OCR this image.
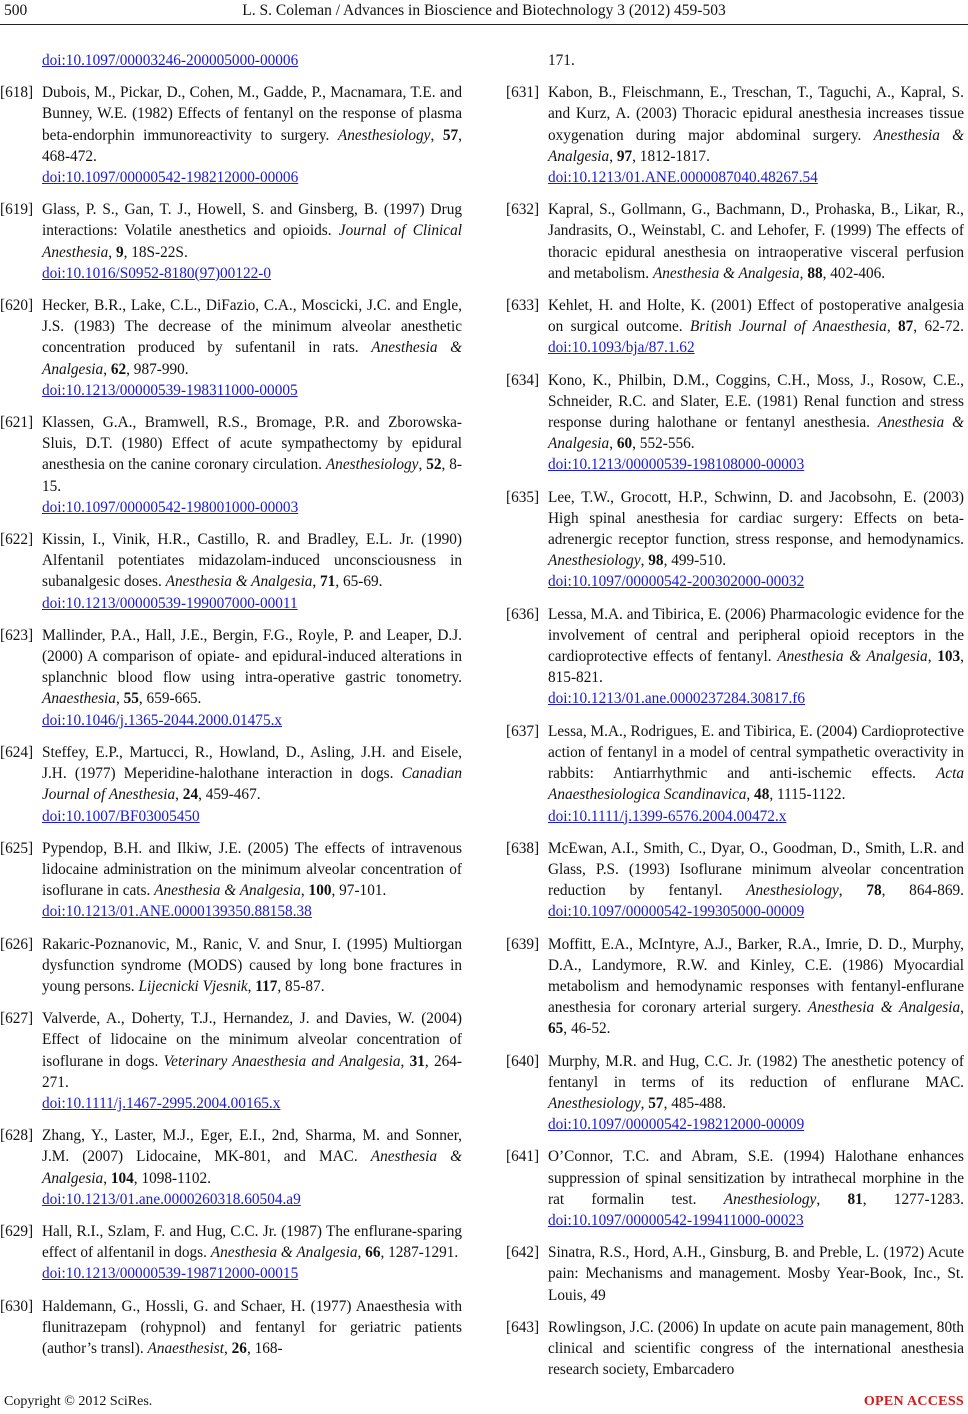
500	L. S. Coleman / Advances in Bioscience and Biotechnology 3 (2012) 459-503
doi:10.1097/00003246-200005000-00006
[618] Dubois, M., Pickar, D., Cohen, M., Gadde, P., Macnamara, T.E. and Bunney, W.E. (1982) Effects of fentanyl on the response of plasma beta-endorphin immunoreactivity to surgery. Anesthesiology, 57, 468-472.
doi:10.1097/00000542-198212000-00006
[619] Glass, P. S., Gan, T. J., Howell, S. and Ginsberg, B. (1997) Drug interactions: Volatile anesthetics and opioids. Journal of Clinical Anesthesia, 9, 18S-22S.
doi:10.1016/S0952-8180(97)00122-0
[620] Hecker, B.R., Lake, C.L., DiFazio, C.A., Moscicki, J.C. and Engle, J.S. (1983) The decrease of the minimum alveolar anesthetic concentration produced by sufentanil in rats. Anesthesia & Analgesia, 62, 987-990.
doi:10.1213/00000539-198311000-00005
[621] Klassen, G.A., Bramwell, R.S., Bromage, P.R. and Zborowska-Sluis, D.T. (1980) Effect of acute sympathectomy by epidural anesthesia on the canine coronary circulation. Anesthesiology, 52, 8-15.
doi:10.1097/00000542-198001000-00003
[622] Kissin, I., Vinik, H.R., Castillo, R. and Bradley, E.L. Jr. (1990) Alfentanil potentiates midazolam-induced unconsciousness in subanalgesic doses. Anesthesia & Analgesia, 71, 65-69.
doi:10.1213/00000539-199007000-00011
[623] Mallinder, P.A., Hall, J.E., Bergin, F.G., Royle, P. and Leaper, D.J. (2000) A comparison of opiate- and epidural-induced alterations in splanchnic blood flow using intra-operative gastric tonometry. Anaesthesia, 55, 659-665.
doi:10.1046/j.1365-2044.2000.01475.x
[624] Steffey, E.P., Martucci, R., Howland, D., Asling, J.H. and Eisele, J.H. (1977) Meperidine-halothane interaction in dogs. Canadian Journal of Anesthesia, 24, 459-467.
doi:10.1007/BF03005450
[625] Pypendop, B.H. and Ilkiw, J.E. (2005) The effects of intravenous lidocaine administration on the minimum alveolar concentration of isoflurane in cats. Anesthesia & Analgesia, 100, 97-101.
doi:10.1213/01.ANE.0000139350.88158.38
[626] Rakaric-Poznanovic, M., Ranic, V. and Snur, I. (1995) Multiorgan dysfunction syndrome (MODS) caused by long bone fractures in young persons. Lijecnicki Vjesnik, 117, 85-87.
[627] Valverde, A., Doherty, T.J., Hernandez, J. and Davies, W. (2004) Effect of lidocaine on the minimum alveolar concentration of isoflurane in dogs. Veterinary Anaesthesia and Analgesia, 31, 264-271.
doi:10.1111/j.1467-2995.2004.00165.x
[628] Zhang, Y., Laster, M.J., Eger, E.I., 2nd, Sharma, M. and Sonner, J.M. (2007) Lidocaine, MK-801, and MAC. Anesthesia & Analgesia, 104, 1098-1102.
doi:10.1213/01.ane.0000260318.60504.a9
[629] Hall, R.I., Szlam, F. and Hug, C.C. Jr. (1987) The enflurane-sparing effect of alfentanil in dogs. Anesthesia & Analgesia, 66, 1287-1291.
doi:10.1213/00000539-198712000-00015
[630] Haldemann, G., Hossli, G. and Schaer, H. (1977) Anaesthesia with flunitrazepam (rohypnol) and fentanyl for geriatric patients (author’s transl). Anaesthesist, 26, 168-
171.
[631] Kabon, B., Fleischmann, E., Treschan, T., Taguchi, A., Kapral, S. and Kurz, A. (2003) Thoracic epidural anesthesia increases tissue oxygenation during major abdominal surgery. Anesthesia & Analgesia, 97, 1812-1817.
doi:10.1213/01.ANE.0000087040.48267.54
[632] Kapral, S., Gollmann, G., Bachmann, D., Prohaska, B., Likar, R., Jandrasits, O., Weinstabl, C. and Lehofer, F. (1999) The effects of thoracic epidural anesthesia on intraoperative visceral perfusion and metabolism. Anesthesia & Analgesia, 88, 402-406.
[633] Kehlet, H. and Holte, K. (2001) Effect of postoperative analgesia on surgical outcome. British Journal of Anaesthesia, 87, 62-72. doi:10.1093/bja/87.1.62
[634] Kono, K., Philbin, D.M., Coggins, C.H., Moss, J., Rosow, C.E., Schneider, R.C. and Slater, E.E. (1981) Renal function and stress response during halothane or fentanyl anesthesia. Anesthesia & Analgesia, 60, 552-556.
doi:10.1213/00000539-198108000-00003
[635] Lee, T.W., Grocott, H.P., Schwinn, D. and Jacobsohn, E. (2003) High spinal anesthesia for cardiac surgery: Effects on beta-adrenergic receptor function, stress response, and hemodynamics. Anesthesiology, 98, 499-510.
doi:10.1097/00000542-200302000-00032
[636] Lessa, M.A. and Tibirica, E. (2006) Pharmacologic evidence for the involvement of central and peripheral opioid receptors in the cardioprotective effects of fentanyl. Anesthesia & Analgesia, 103, 815-821.
doi:10.1213/01.ane.0000237284.30817.f6
[637] Lessa, M.A., Rodrigues, E. and Tibirica, E. (2004) Cardioprotective action of fentanyl in a model of central sympathetic overactivity in rabbits: Antiarrhythmic and anti-ischemic effects. Acta Anaesthesiologica Scandinavica, 48, 1115-1122.
doi:10.1111/j.1399-6576.2004.00472.x
[638] McEwan, A.I., Smith, C., Dyar, O., Goodman, D., Smith, L.R. and Glass, P.S. (1993) Isoflurane minimum alveolar concentration reduction by fentanyl. Anesthesiology, 78, 864-869. doi:10.1097/00000542-199305000-00009
[639] Moffitt, E.A., McIntyre, A.J., Barker, R.A., Imrie, D. D., Murphy, D.A., Landymore, R.W. and Kinley, C.E. (1986) Myocardial metabolism and hemodynamic responses with fentanyl-enflurane anesthesia for coronary arterial surgery. Anesthesia & Analgesia, 65, 46-52.
[640] Murphy, M.R. and Hug, C.C. Jr. (1982) The anesthetic potency of fentanyl in terms of its reduction of enflurane MAC. Anesthesiology, 57, 485-488.
doi:10.1097/00000542-198212000-00009
[641] O’Connor, T.C. and Abram, S.E. (1994) Halothane enhances suppression of spinal sensitization by intrathecal morphine in the rat formalin test. Anesthesiology, 81, 1277-1283. doi:10.1097/00000542-199411000-00023
[642] Sinatra, R.S., Hord, A.H., Ginsburg, B. and Preble, L. (1972) Acute pain: Mechanisms and management. Mosby Year-Book, Inc., St. Louis, 49
[643] Rowlingson, J.C. (2006) In update on acute pain management, 80th clinical and scientific congress of the international anesthesia research society, Embarcadero
Copyright © 2012 SciRes.	OPEN ACCESS
